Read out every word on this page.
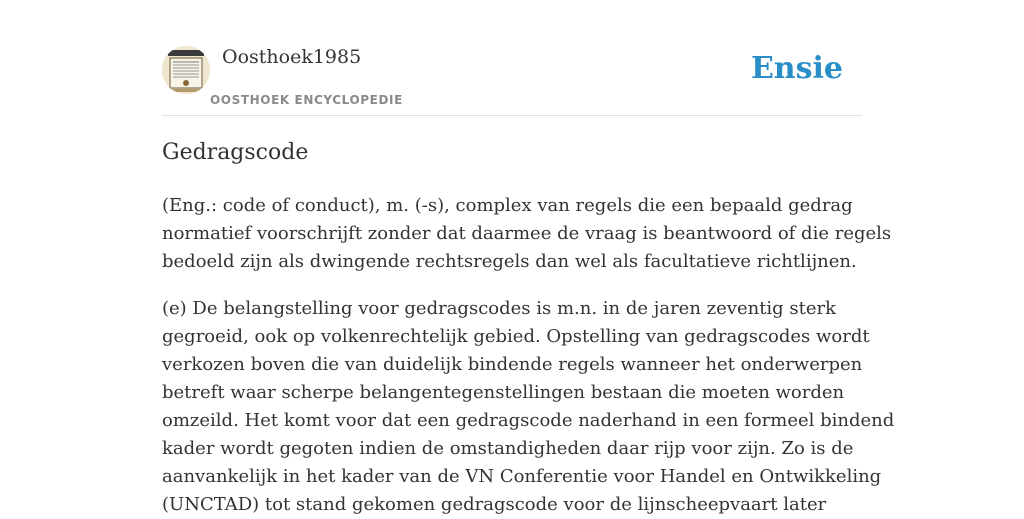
Oosthoek1985
OOSTHOEK ENCYCLOPEDIE
Ensie
Gedragscode

(Eng.: code of conduct), m. (-s), complex van regels die een bepaald gedrag
normatief voorschrijft zonder dat daarmee de vraag is beantwoord of die regels
bedoeld zijn als dwingende rechtsregels dan wel als facultatieve richtlijnen.

(e) De belangstelling voor gedragscodes is m.n. in de jaren zeventig sterk
gegroeid, ook op volkenrechtelijk gebied. Opstelling van gedragscodes wordt
verkozen boven die van duidelijk bindende regels wanneer het onderwerpen
betreft waar scherpe belangentegenstellingen bestaan die moeten worden
omzeild. Het komt voor dat een gedragscode naderhand in een formeel bindend
kader wordt gegoten indien de omstandigheden daar rijp voor zijn. Zo is de
aanvankelijk in het kader van de VN Conferentie voor Handel en Ontwikkeling
(UNCTAD) tot stand gekomen gedragscode voor de lijnscheepvaart later
